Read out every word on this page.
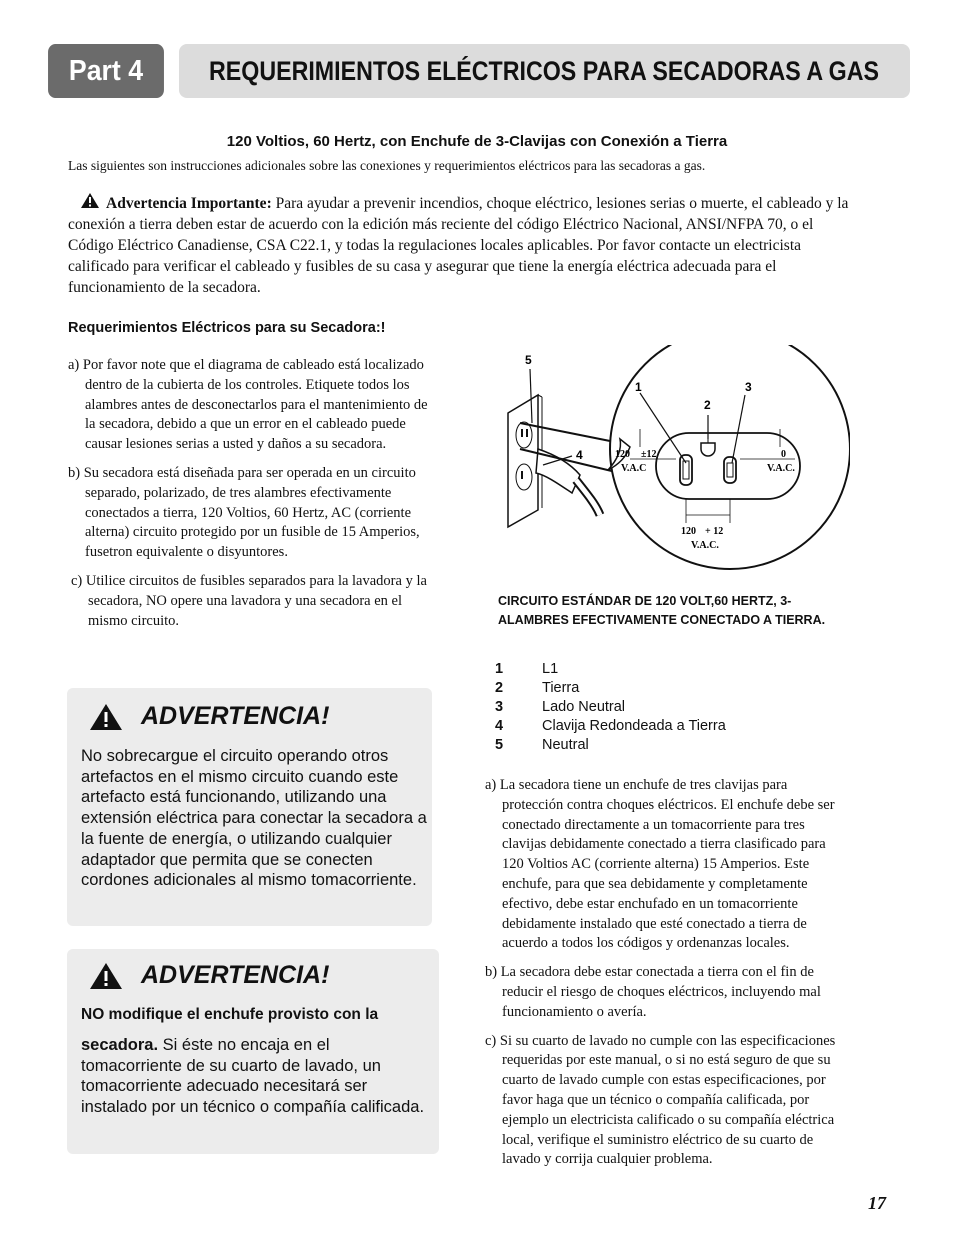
Part 4	REQUERIMIENTOS ELÉCTRICOS PARA SECADORAS A GAS
120 Voltios, 60 Hertz, con Enchufe de 3-Clavijas con Conexión a Tierra
Las siguientes son instrucciones adicionales sobre las conexiones y requerimientos eléctricos para las secadoras a gas.
Advertencia Importante: Para ayudar a prevenir incendios, choque eléctrico, lesiones serias o muerte, el cableado y la conexión a tierra deben estar de acuerdo con la edición más reciente del código Eléctrico Nacional, ANSI/NFPA 70, o el Código Eléctrico Canadiense, CSA C22.1, y todas la regulaciones locales aplicables. Por favor contacte un electricista calificado para verificar el cableado y fusibles de su casa y asegurar que tiene la energía eléctrica adecuada para el funcionamiento de la secadora.
Requerimientos Eléctricos para su Secadora:!

a) Por favor note que el diagrama de cableado está localizado dentro de la cubierta de los controles. Etiquete todos los alambres antes de desconectarlos para el mantenimiento de la secadora, debido a que un error en el cableado puede causar lesiones serias a usted y daños a su secadora.

b) Su secadora está diseñada para ser operada en un circuito separado, polarizado, de tres alambres efectivamente conectados a tierra, 120 Voltios, 60 Hertz, AC (corriente alterna) circuito protegido por un fusible de 15 Amperios, fusetron equivalente o disyuntores.

c) Utilice circuitos de fusibles separados para la lavadora y la secadora, NO opere una lavadora y una secadora en el mismo circuito.

ADVERTENCIA!
No sobrecargue el circuito operando otros artefactos en el mismo circuito cuando este artefacto está funcionando, utilizando una extensión eléctrica para conectar la secadora a la fuente de energía, o utilizando cualquier adaptador que permita que se conecten cordones adicionales al mismo tomacorriente.
ADVERTENCIA!
NO modifique el enchufe provisto con la
secadora. Si éste no encaja en el tomacorriente de su cuarto de lavado, un tomacorriente adecuado necesitará ser instalado por un técnico o compañía calificada.
5
1
2
3
4	120 ±12
V.A.C
0
V.A.C.
120 + 12
V.A.C.
CIRCUITO ESTÁNDAR DE 120 VOLT,60 HERTZ, 3-ALAMBRES EFECTIVAMENTE CONECTADO A TIERRA.
1	L1
2	Tierra
3	Lado Neutral
4	Clavija Redondeada a Tierra
5	Neutral

a) La secadora tiene un enchufe de tres clavijas para protección contra choques eléctricos. El enchufe debe ser conectado directamente a un tomacorriente para tres clavijas debidamente conectado a tierra clasificado para 120 Voltios AC (corriente alterna) 15 Amperios. Este enchufe, para que sea debidamente y completamente efectivo, debe estar enchufado en un tomacorriente debidamente instalado que esté conectado a tierra de acuerdo a todos los códigos y ordenanzas locales.

b) La secadora debe estar conectada a tierra con el fin de reducir el riesgo de choques eléctricos, incluyendo mal funcionamiento o avería.

c) Si su cuarto de lavado no cumple con las especificaciones requeridas por este manual, o si no está seguro de que su cuarto de lavado cumple con estas especificaciones, por favor haga que un técnico o compañía calificada, por ejemplo un electricista calificado o su compañía eléctrica local, verifique el suministro eléctrico de su cuarto de lavado y corrija cualquier problema.

17
